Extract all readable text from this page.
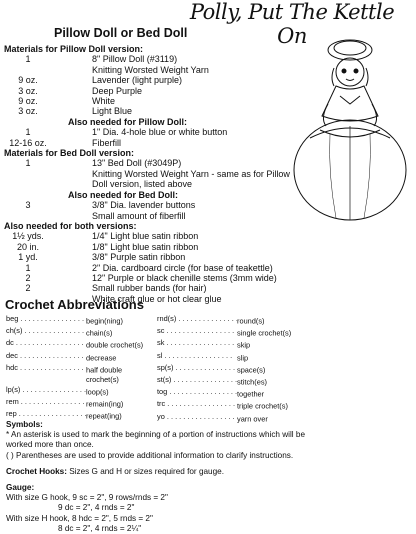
Polly, Put The Kettle On
Pillow Doll or Bed Doll
Materials for Pillow Doll version:
1	8" Pillow Doll (#3119)
Knitting Worsted Weight Yarn
9 oz.	Lavender (light purple)
3 oz.	Deep Purple
9 oz.	White
3 oz.	Light Blue
Also needed for Pillow Doll:
1	1" Dia. 4-hole blue or white button
12-16 oz.	Fiberfill
Materials for Bed Doll version:
1	13" Bed Doll (#3049P)
Knitting Worsted Weight Yarn - same as for Pillow Doll version, listed above
Also needed for Bed Doll:
3	3/8" Dia. lavender buttons
Small amount of fiberfill
Also needed for both versions:
1½ yds.	1/4" Light blue satin ribbon
20 in.	1/8" Light blue satin ribbon
1 yd.	3/8" Purple satin ribbon
1	2" Dia. cardboard circle (for base of teakettle)
2	12" Purple or black chenille stems (3mm wide)
2	Small rubber bands (for hair)
White craft glue or hot clear glue
Crochet Abbreviations
beg . . .	begin(ning)
ch(s) . . .	chain(s)
dc . . .	double crochet(s)
dec . . .	decrease
hdc . . .	half double
crochet(s)
lp(s) . . .	loop(s)
rem . . .	remain(ing)
rep . . .	repeat(ing)
rnd(s) . . .	round(s)
sc . . .	single crochet(s)
sk . . .	skip
sl . . .	slip
sp(s) . . .	space(s)
st(s) . . .	stitch(es)
tog . . .	together
trc . . .	triple crochet(s)
yo . . .	yarn over

Symbols:

* An asterisk is used to mark the beginning of a portion of instructions which will be worked more than once.

( ) Parentheses are used to provide additional information to clarify instructions.

Crochet Hooks: Sizes G and H or sizes required for gauge.

Gauge:

With size G hook, 9 sc = 2", 9 rows/rnds = 2"

9 dc = 2", 4 rnds = 2"

With size H hook, 8 hdc = 2", 5 rnds = 2"

8 dc = 2", 4 rnds = 2¼"
